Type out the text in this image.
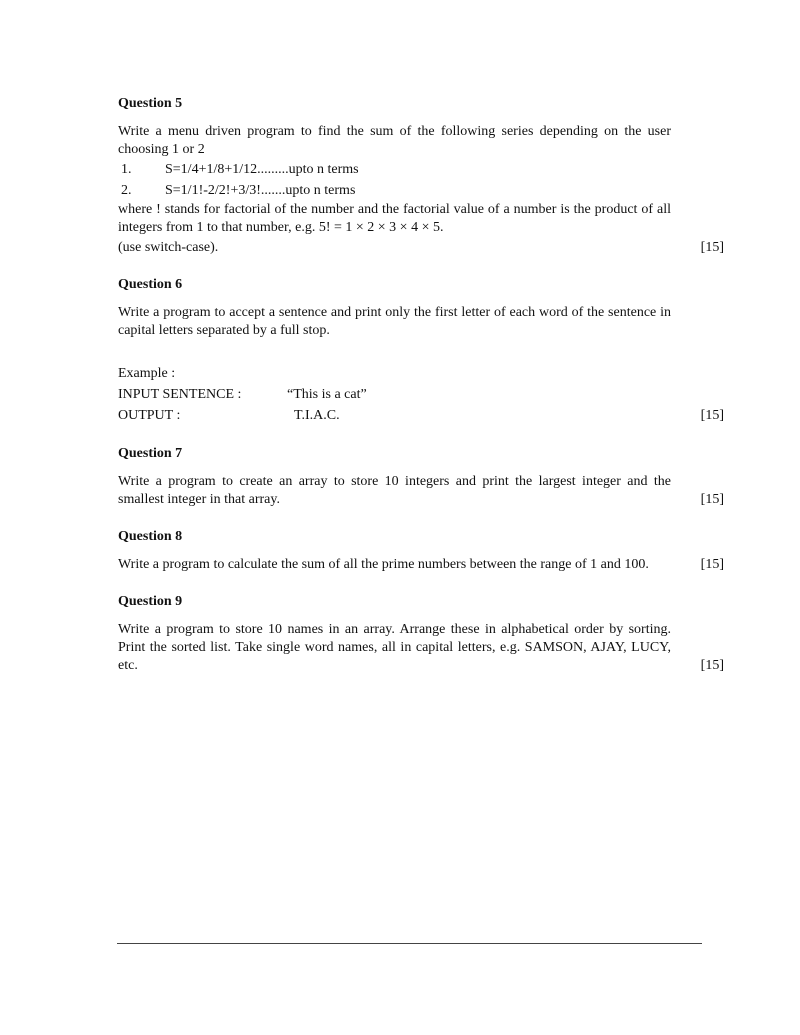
Question 5

Write a menu driven program to find the sum of the following series depending on the user choosing 1 or 2

1.	S=1/4+1/8+1/12.........upto n terms
2.	S=1/1!-2/2!+3/3!.......upto n terms

where ! stands for factorial of the number and the factorial value of a number is the product of all integers from 1 to that number, e.g. 5! = 1 × 2 × 3 × 4 × 5.

(use switch-case).	[15]
Question 6

Write a program to accept a sentence and print only the first letter of each word of the sentence in capital letters separated by a full stop.

Example :
INPUT SENTENCE :	“This is a cat”
OUTPUT :	T.I.A.C.	[15]
Question 7

Write a program to create an array to store 10 integers and print the largest integer and the smallest integer in that array.	[15]
Question 8

Write a program to calculate the sum of all the prime numbers between the range of 1 and 100.	[15]
Question 9

Write a program to store 10 names in an array. Arrange these in alphabetical order by sorting. Print the sorted list. Take single word names, all in capital letters, e.g. SAMSON, AJAY, LUCY, etc.	[15]
